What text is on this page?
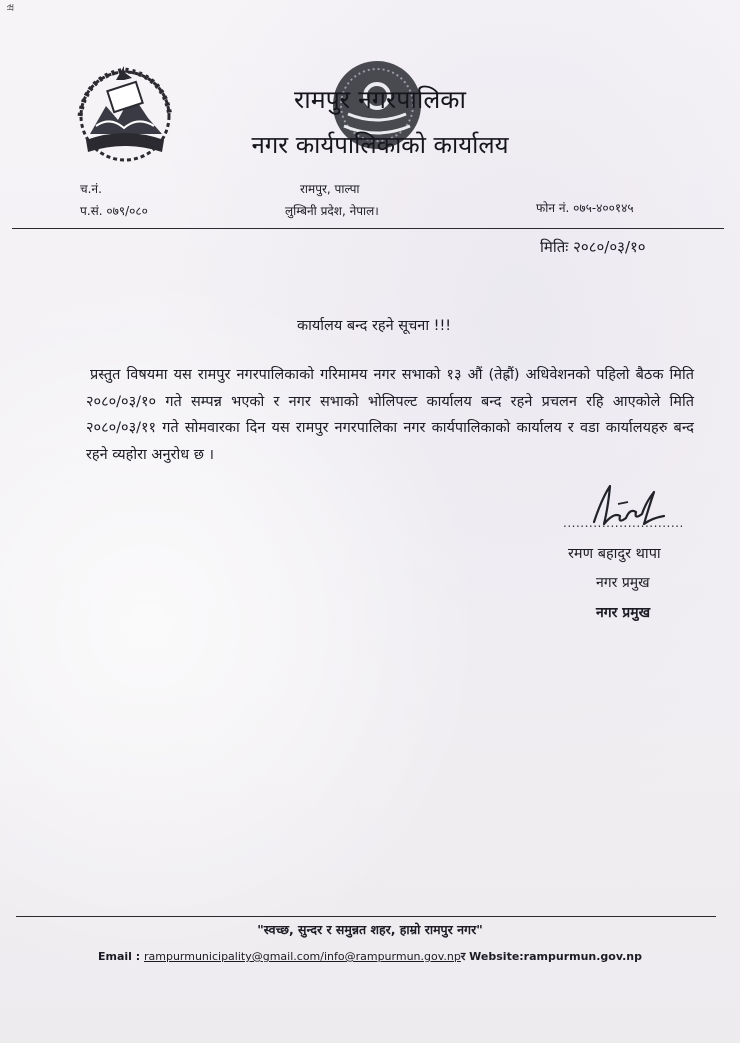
स
रामपुर नगरपालिका
नगर कार्यपालिकाको कार्यालय
च.नं.
प.सं. ०७९/०८०
रामपुर, पाल्पा
लुम्बिनी प्रदेश, नेपाल।	फोन नं. ०७५-४००१४५
मितिः २०८०/०३/१०
कार्यालय बन्द रहने सूचना !!!
प्रस्तुत विषयमा यस रामपुर नगरपालिकाको गरिमामय नगर सभाको १३ औं (तेह्रौं) अधिवेशनको पहिलो बैठक मिति २०८०/०३/१० गते सम्पन्न भएको र नगर सभाको भोलिपल्ट कार्यालय बन्द रहने प्रचलन रहि आएकोले मिति २०८०/०३/११ गते सोमवारका दिन यस रामपुर नगरपालिका नगर कार्यपालिकाको कार्यालय र वडा कार्यालयहरु बन्द रहने व्यहोरा अनुरोध छ ।
............................
रमण बहादुर थापा
नगर प्रमुख
नगर प्रमुख
"स्वच्छ, सुन्दर र समुन्नत शहर, हाम्रो रामपुर नगर"
Email : rampurmunicipality@gmail.com/info@rampurmun.gov.npर Website:rampurmun.gov.np
